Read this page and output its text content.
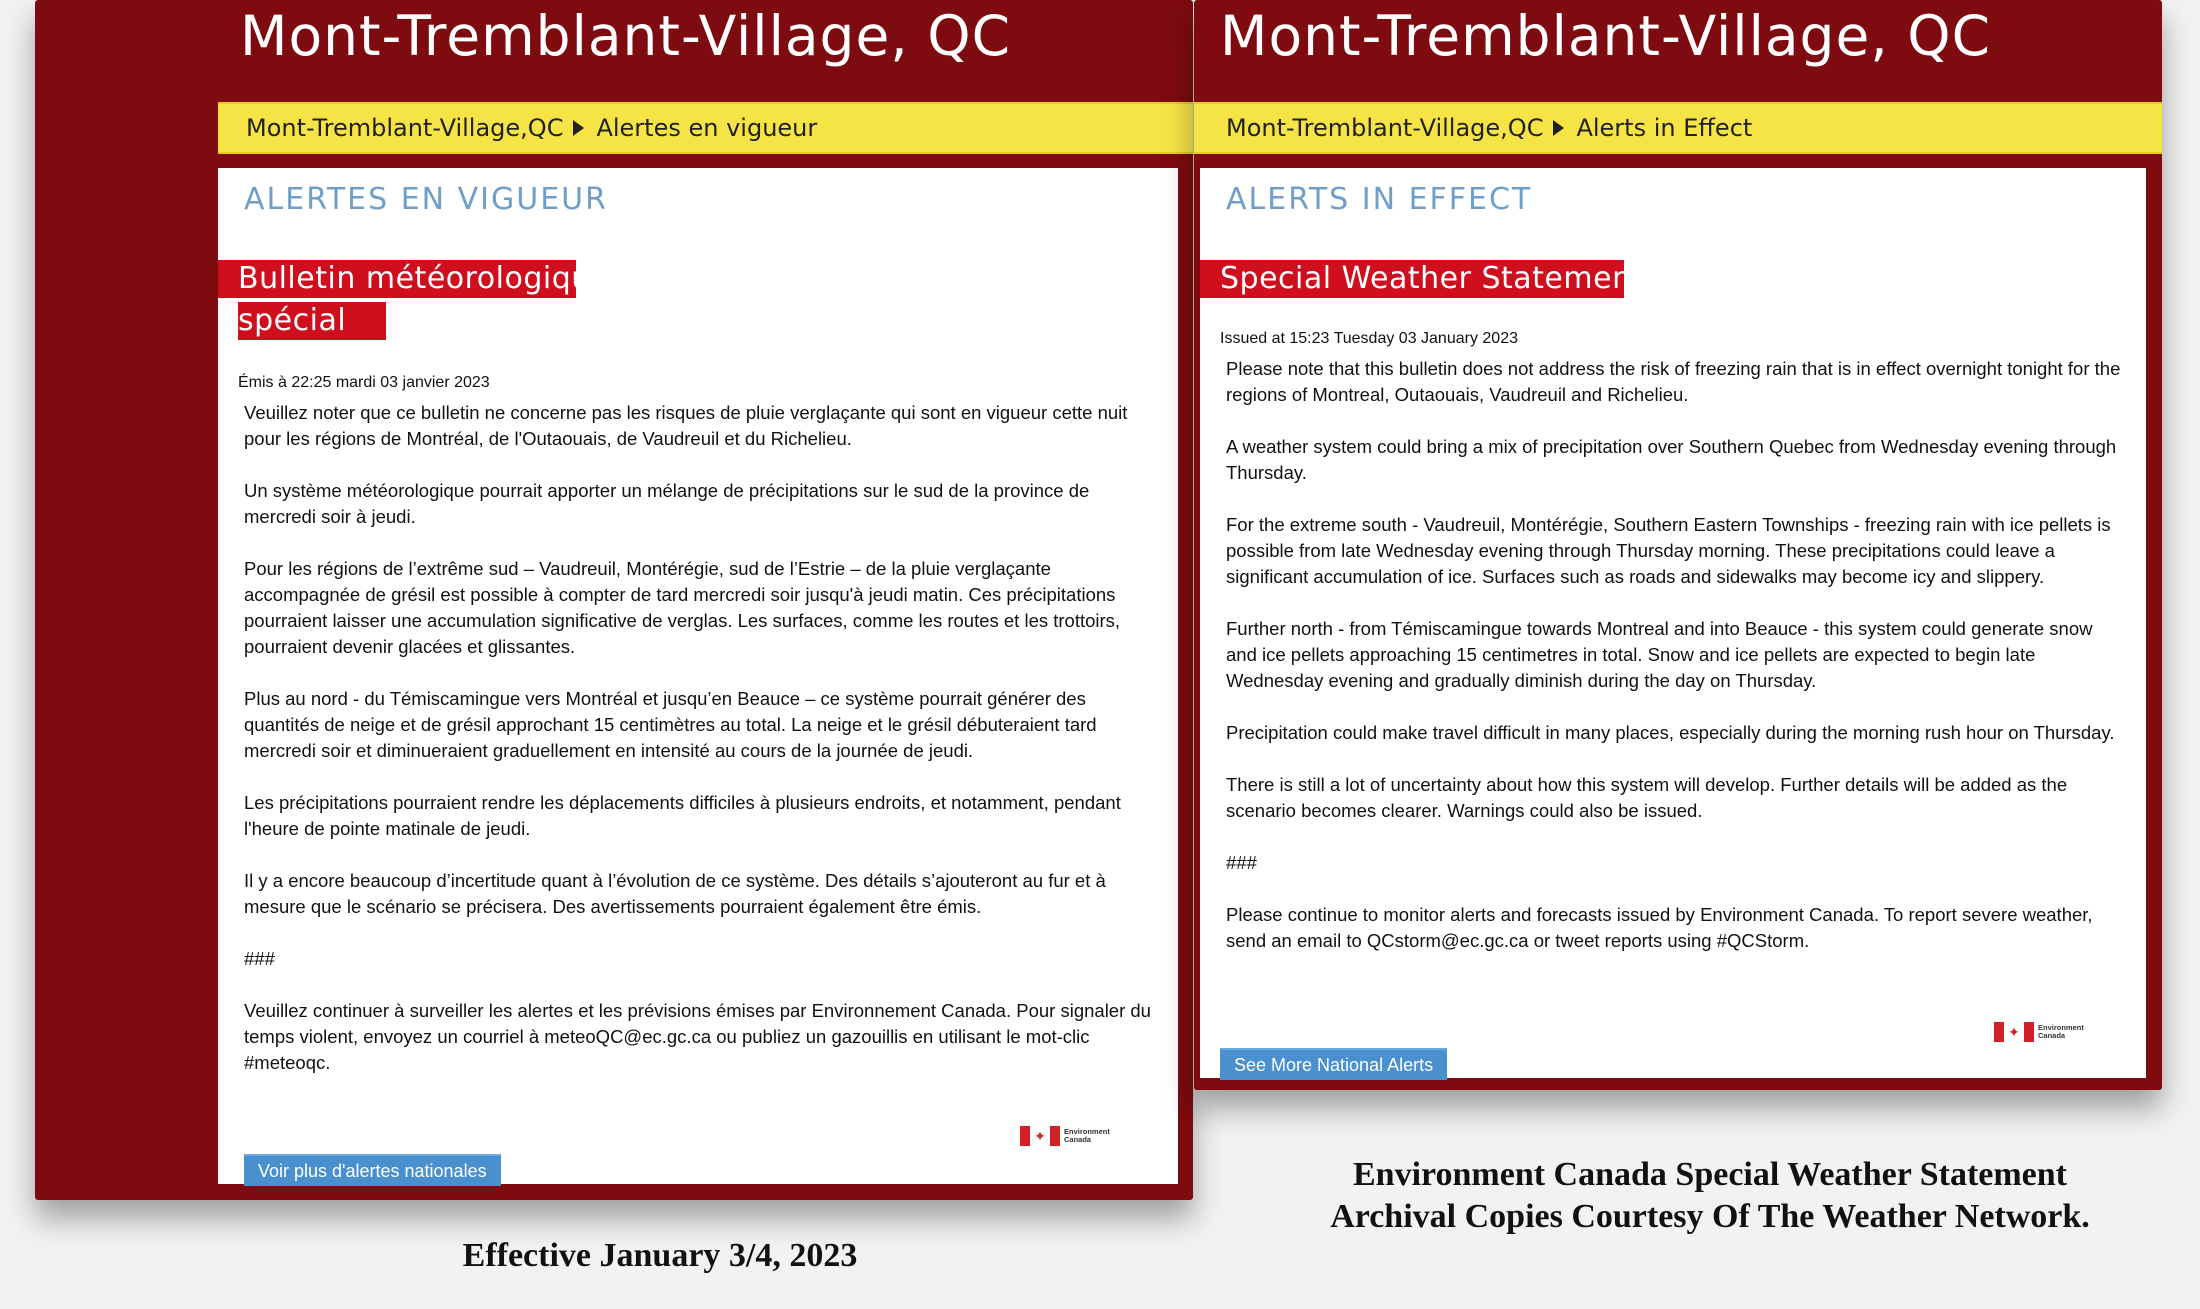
Mont-Tremblant-Village, QC
Mont-Tremblant-Village,QC Alertes en vigueur
ALERTES EN VIGUEUR
Bulletin météorologique
spécial
Émis à 22:25 mardi 03 janvier 2023

Veuillez noter que ce bulletin ne concerne pas les risques de pluie verglaçante qui sont en vigueur cette nuit pour les régions de Montréal, de l'Outaouais, de Vaudreuil et du Richelieu.

Un système météorologique pourrait apporter un mélange de précipitations sur le sud de la province de mercredi soir à jeudi.

Pour les régions de l’extrême sud – Vaudreuil, Montérégie, sud de l’Estrie – de la pluie verglaçante accompagnée de grésil est possible à compter de tard mercredi soir jusqu'à jeudi matin. Ces précipitations pourraient laisser une accumulation significative de verglas. Les surfaces, comme les routes et les trottoirs, pourraient devenir glacées et glissantes.

Plus au nord - du Témiscamingue vers Montréal et jusqu’en Beauce – ce système pourrait générer des quantités de neige et de grésil approchant 15 centimètres au total. La neige et le grésil débuteraient tard mercredi soir et diminueraient graduellement en intensité au cours de la journée de jeudi.

Les précipitations pourraient rendre les déplacements difficiles à plusieurs endroits, et notamment, pendant l'heure de pointe matinale de jeudi.

Il y a encore beaucoup d’incertitude quant à l’évolution de ce système. Des détails s’ajouteront au fur et à mesure que le scénario se précisera. Des avertissements pourraient également être émis.

###

Veuillez continuer à surveiller les alertes et les prévisions émises par Environnement Canada. Pour signaler du temps violent, envoyez un courriel à meteoQC@ec.gc.ca ou publiez un gazouillis en utilisant le mot-clic #meteoqc.

✦	Environment
Canada
Voir plus d'alertes nationales
Mont-Tremblant-Village, QC
Mont-Tremblant-Village,QC Alerts in Effect
ALERTS IN EFFECT
Special Weather Statement
Issued at 15:23 Tuesday 03 January 2023

Please note that this bulletin does not address the risk of freezing rain that is in effect overnight tonight for the regions of Montreal, Outaouais, Vaudreuil and Richelieu.

A weather system could bring a mix of precipitation over Southern Quebec from Wednesday evening through Thursday.

For the extreme south - Vaudreuil, Montérégie, Southern Eastern Townships - freezing rain with ice pellets is possible from late Wednesday evening through Thursday morning. These precipitations could leave a significant accumulation of ice. Surfaces such as roads and sidewalks may become icy and slippery.

Further north - from Témiscamingue towards Montreal and into Beauce - this system could generate snow and ice pellets approaching 15 centimetres in total. Snow and ice pellets are expected to begin late Wednesday evening and gradually diminish during the day on Thursday.

Precipitation could make travel difficult in many places, especially during the morning rush hour on Thursday.

There is still a lot of uncertainty about how this system will develop. Further details will be added as the scenario becomes clearer. Warnings could also be issued.

###

Please continue to monitor alerts and forecasts issued by Environment Canada. To report severe weather, send an email to QCstorm@ec.gc.ca or tweet reports using #QCStorm.

✦	Environment
Canada
See More National Alerts
Effective January 3/4, 2023
Environment Canada Special Weather Statement
Archival Copies Courtesy Of The Weather Network.
